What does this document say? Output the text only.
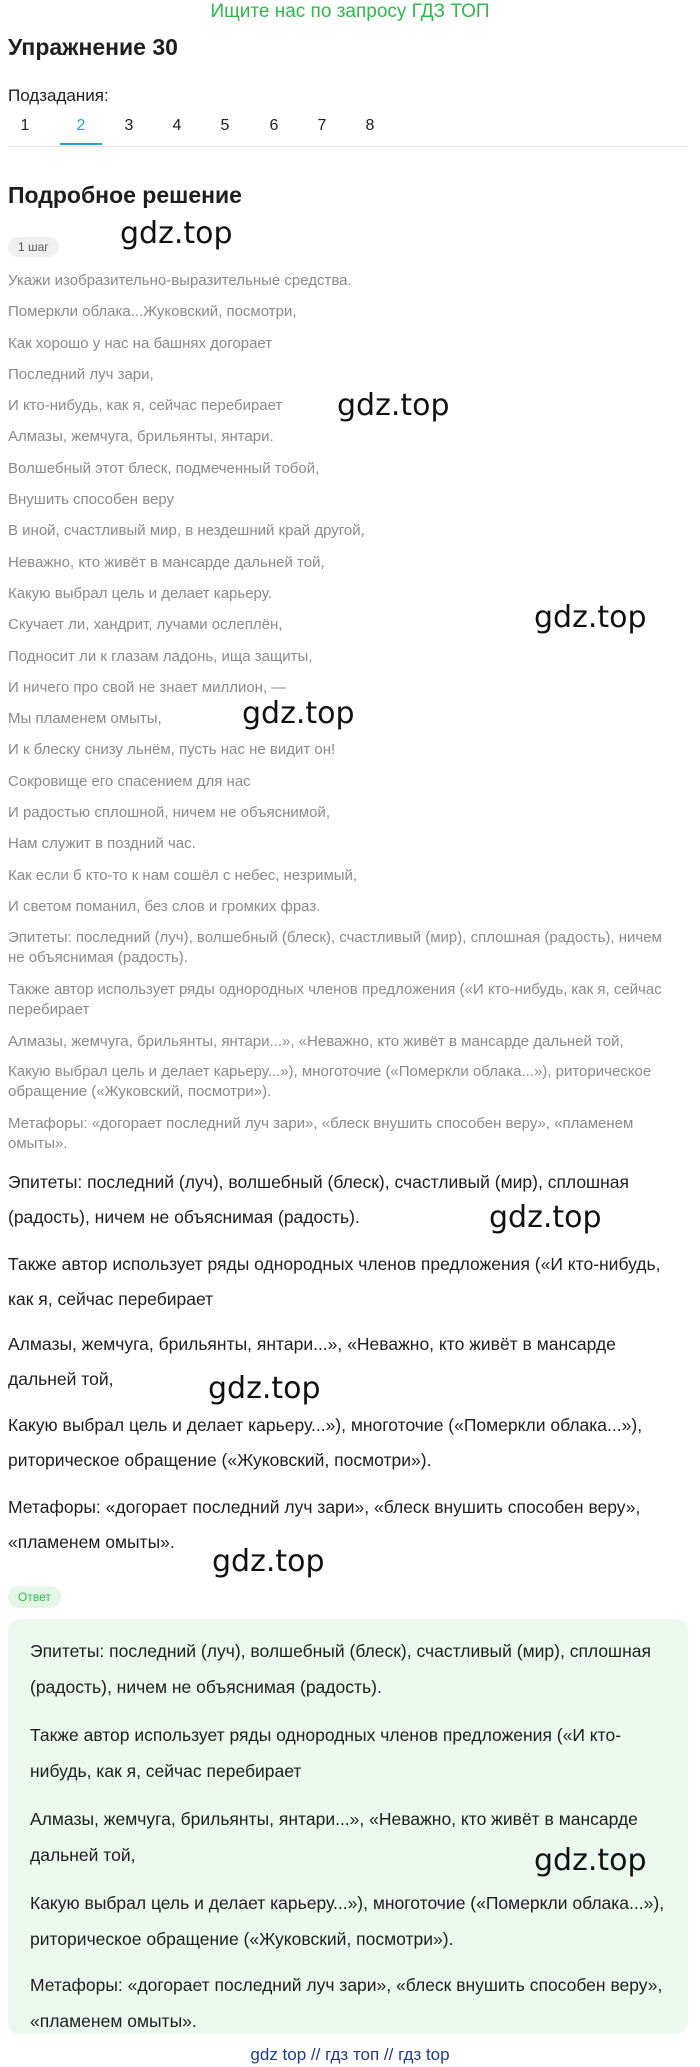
Ищите нас по запросу ГДЗ ТОП
Упражнение 30
Подзадания:
1	2	3	4	5	6	7	8
Подробное решение
1 шаг
Укажи изобразительно-выразительные средства.
Померкли облака...Жуковский, посмотри,
Как хорошо у нас на башнях догорает
Последний луч зари,
И кто-нибудь, как я, сейчас перебирает
Алмазы, жемчуга, брильянты, янтари.
Волшебный этот блеск, подмеченный тобой,
Внушить способен веру
В иной, счастливый мир, в нездешний край другой,
Неважно, кто живёт в мансарде дальней той,
Какую выбрал цель и делает карьеру.
Скучает ли, хандрит, лучами ослеплён,
Подносит ли к глазам ладонь, ища защиты,
И ничего про свой не знает миллион, —
Мы пламенем омыты,
И к блеску снизу льнём, пусть нас не видит он!
Сокровище его спасением для нас
И радостью сплошной, ничем не объяснимой,
Нам служит в поздний час.
Как если б кто-то к нам сошёл с небес, незримый,
И светом поманил, без слов и громких фраз.
Эпитеты: последний (луч), волшебный (блеск), счастливый (мир), сплошная (радость), ничем не объяснимая (радость).
Также автор использует ряды однородных членов предложения («И кто-нибудь, как я, сейчас перебирает
Алмазы, жемчуга, брильянты, янтари...», «Неважно, кто живёт в мансарде дальней той,
Какую выбрал цель и делает карьеру...»), многоточие («Померкли облака...»), риторическое обращение («Жуковский, посмотри»).
Метафоры: «догорает последний луч зари», «блеск внушить способен веру», «пламенем омыты».
Эпитеты: последний (луч), волшебный (блеск), счастливый (мир), сплошная (радость), ничем не объяснимая (радость).
Также автор использует ряды однородных членов предложения («И кто-нибудь, как я, сейчас перебирает
Алмазы, жемчуга, брильянты, янтари...», «Неважно, кто живёт в мансарде дальней той,
Какую выбрал цель и делает карьеру...»), многоточие («Померкли облака...»), риторическое обращение («Жуковский, посмотри»).
Метафоры: «догорает последний луч зари», «блеск внушить способен веру», «пламенем омыты».
Ответ
Эпитеты: последний (луч), волшебный (блеск), счастливый (мир), сплошная (радость), ничем не объяснимая (радость).
Также автор использует ряды однородных членов предложения («И кто-нибудь, как я, сейчас перебирает
Алмазы, жемчуга, брильянты, янтари...», «Неважно, кто живёт в мансарде дальней той,
Какую выбрал цель и делает карьеру...»), многоточие («Померкли облака...»), риторическое обращение («Жуковский, посмотри»).
Метафоры: «догорает последний луч зари», «блеск внушить способен веру», «пламенем омыты».
gdz.top
gdz.top
gdz.top
gdz.top
gdz.top
gdz.top
gdz.top
gdz.top
gdz top // гдз топ // гдз top
